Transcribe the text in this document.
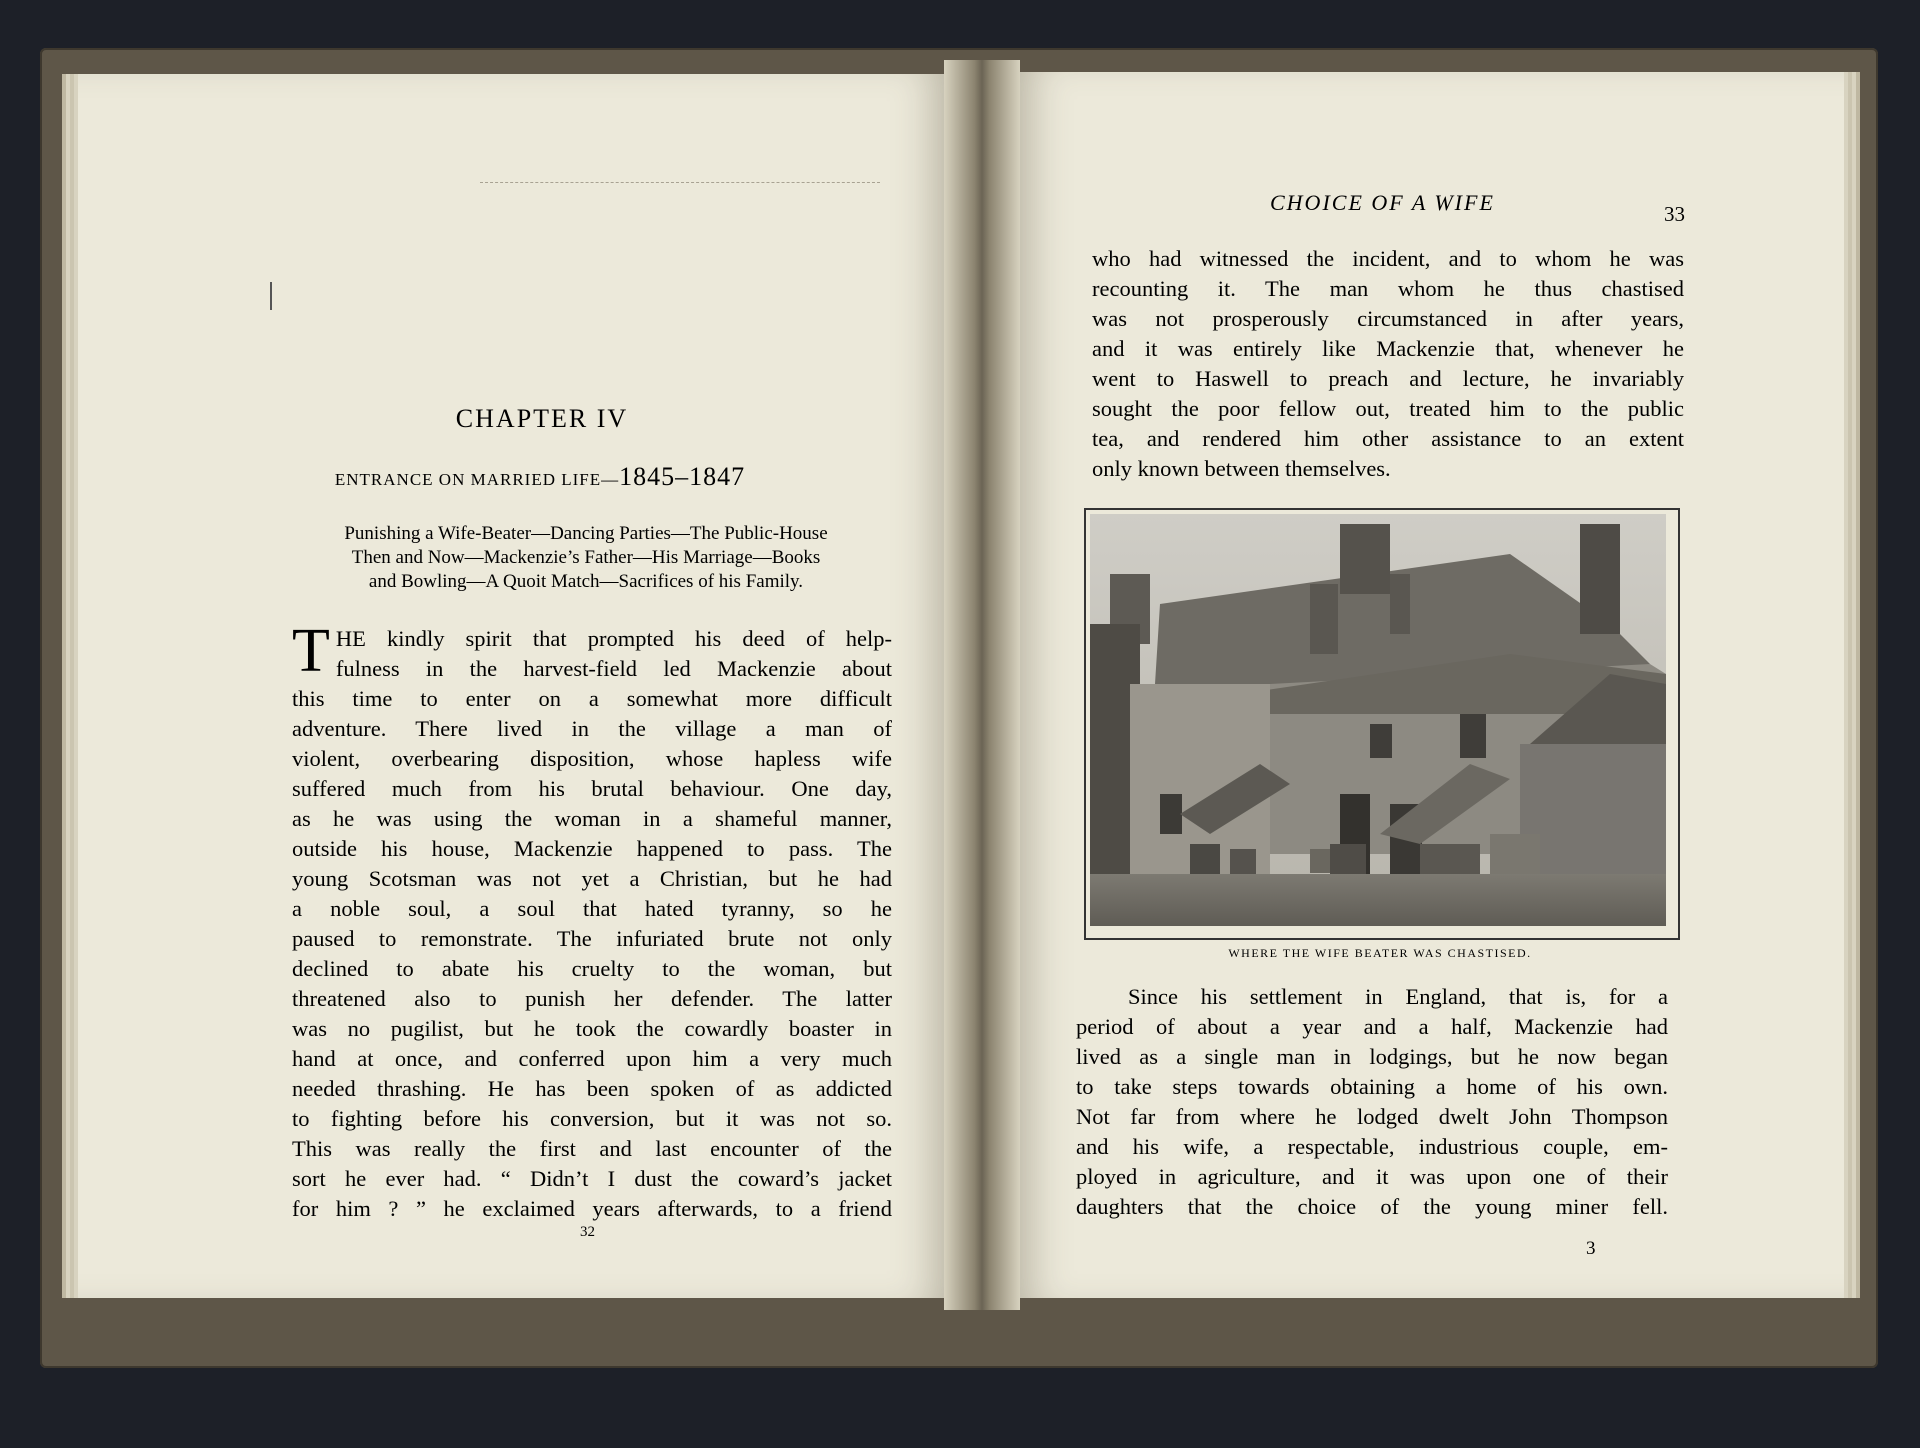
CHAPTER IV
ENTRANCE ON MARRIED LIFE—1845–1847
Punishing a Wife-Beater—Dancing Parties—The Public-House
Then and Now—Mackenzie’s Father—His Marriage—Books
and Bowling—A Quoit Match—Sacrifices of his Family.
T HE kindly spirit that prompted his deed of help-
fulness in the harvest-field led Mackenzie about
this time to enter on a somewhat more difficult
adventure. There lived in the village a man of
violent, overbearing disposition, whose hapless wife
suffered much from his brutal behaviour. One day,
as he was using the woman in a shameful manner,
outside his house, Mackenzie happened to pass. The
young Scotsman was not yet a Christian, but he had
a noble soul, a soul that hated tyranny, so he
paused to remonstrate. The infuriated brute not only
declined to abate his cruelty to the woman, but
threatened also to punish her defender. The latter
was no pugilist, but he took the cowardly boaster in
hand at once, and conferred upon him a very much
needed thrashing. He has been spoken of as addicted
to fighting before his conversion, but it was not so.
This was really the first and last encounter of the
sort he ever had. “ Didn’t I dust the coward’s jacket
for him ? ” he exclaimed years afterwards, to a friend
32
CHOICE OF A WIFE	33
who had witnessed the incident, and to whom he was
recounting it. The man whom he thus chastised
was not prosperously circumstanced in after years,
and it was entirely like Mackenzie that, whenever he
went to Haswell to preach and lecture, he invariably
sought the poor fellow out, treated him to the public
tea, and rendered him other assistance to an extent
only known between themselves.
WHERE THE WIFE BEATER WAS CHASTISED.
Since his settlement in England, that is, for a
period of about a year and a half, Mackenzie had
lived as a single man in lodgings, but he now began
to take steps towards obtaining a home of his own.
Not far from where he lodged dwelt John Thompson
and his wife, a respectable, industrious couple, em-
ployed in agriculture, and it was upon one of their
daughters that the choice of the young miner fell.
3
